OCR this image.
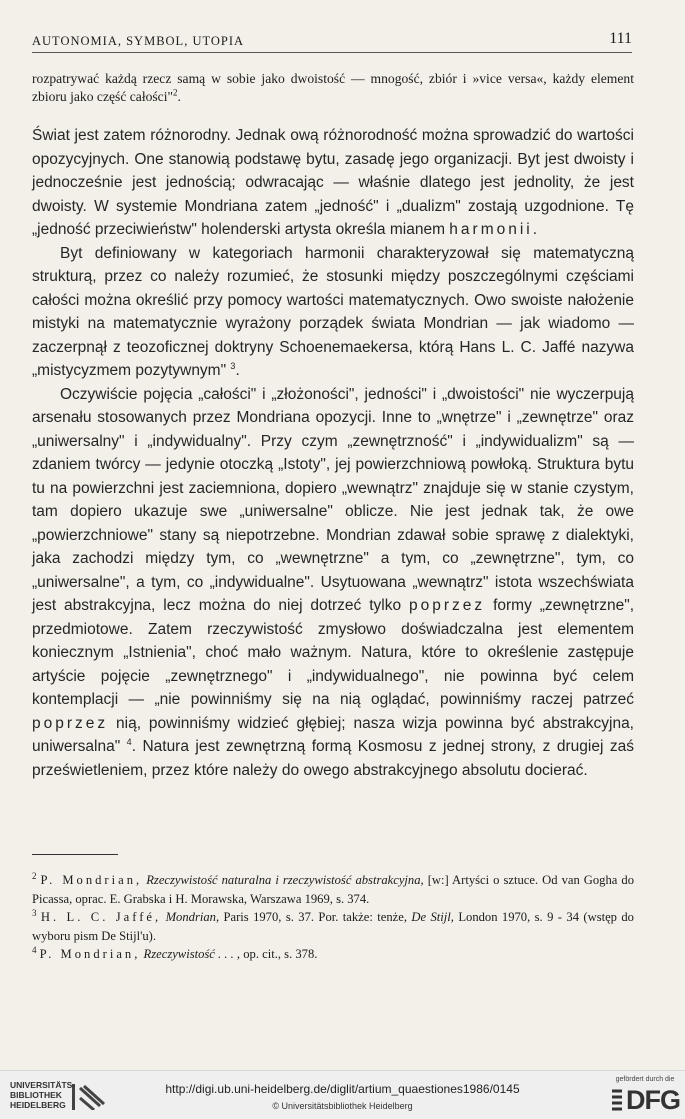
AUTONOMIA, SYMBOL, UTOPIA	111
rozpatrywać każdą rzecz samą w sobie jako dwoistość — mnogość, zbiór i »vice versa«, każdy element zbioru jako część całości"$^2$.

Świat jest zatem różnorodny. Jednak ową różnorodność można sprowadzić do wartości opozycyjnych. One stanowią podstawę bytu, zasadę jego organizacji. Byt jest dwoisty i jednocześnie jest jednością; odwracając — właśnie dlatego jest jednolity, że jest dwoisty. W systemie Mondriana zatem „jedność" i „dualizm" zostają uzgodnione. Tę „jedność przeciwieństw" holenderski artysta określa mianem harmonii.

Byt definiowany w kategoriach harmonii charakteryzował się matematyczną strukturą, przez co należy rozumieć, że stosunki między poszczególnymi częściami całości można określić przy pomocy wartości matematycznych. Owo swoiste nałożenie mistyki na matematycznie wyrażony porządek świata Mondrian — jak wiadomo — zaczerpnął z teozoficznej doktryny Schoenemaekersa, którą Hans L. C. Jaffé nazywa „mistycyzmem pozytywnym" $^3$.

Oczywiście pojęcia „całości" i „złożoności", jedności" i „dwoistości" nie wyczerpują arsenału stosowanych przez Mondriana opozycji. Inne to „wnętrze" i „zewnętrze" oraz „uniwersalny" i „indywidualny". Przy czym „zewnętrzność" i „indywidualizm" są — zdaniem twórcy — jedynie otoczką „Istoty", jej powierzchniową powłoką. Struktura bytu tu na powierzchni jest zaciemniona, dopiero „wewnątrz" znajduje się w stanie czystym, tam dopiero ukazuje swe „uniwersalne" oblicze. Nie jest jednak tak, że owe „powierzchniowe" stany są niepotrzebne. Mondrian zdawał sobie sprawę z dialektyki, jaka zachodzi między tym, co „wewnętrzne" a tym, co „zewnętrzne", tym, co „uniwersalne", a tym, co „indywidualne". Usytuowana „wewnątrz" istota wszechświata jest abstrakcyjna, lecz można do niej dotrzeć tylko poprzez formy „zewnętrzne", przedmiotowe. Zatem rzeczywistość zmysłowo doświadczalna jest elementem koniecznym „Istnienia", choć mało ważnym. Natura, które to określenie zastępuje artyście pojęcie „zewnętrznego" i „indywidualnego", nie powinna być celem kontemplacji — „nie powinniśmy się na nią oglądać, powinniśmy raczej patrzeć poprzez nią, powinniśmy widzieć głębiej; nasza wizja powinna być abstrakcyjna, uniwersalna" $^4$. Natura jest zewnętrzną formą Kosmosu z jednej strony, z drugiej zaś prześwietleniem, przez które należy do owego abstrakcyjnego absolutu docierać.

$^2$ P. Mondrian, Rzeczywistość naturalna i rzeczywistość abstrakcyjna, [w:] Artyści o sztuce. Od van Gogha do Picassa, oprac. E. Grabska i H. Morawska, Warszawa 1969, s. 374.

$^3$ H. L. C. Jaffé, Mondrian, Paris 1970, s. 37. Por. także: tenże, De Stijl, London 1970, s. 9 - 34 (wstęp do wyboru pism De Stijl'u).

$^4$ P. Mondrian, Rzeczywistość . . . , op. cit., s. 378.

UNIVERSITÄTS-
BIBLIOTHEK
HEIDELBERG
http://digi.ub.uni-heidelberg.de/diglit/artium_quaestiones1986/0145
© Universitätsbibliothek Heidelberg
gefördert durch die
DFG
